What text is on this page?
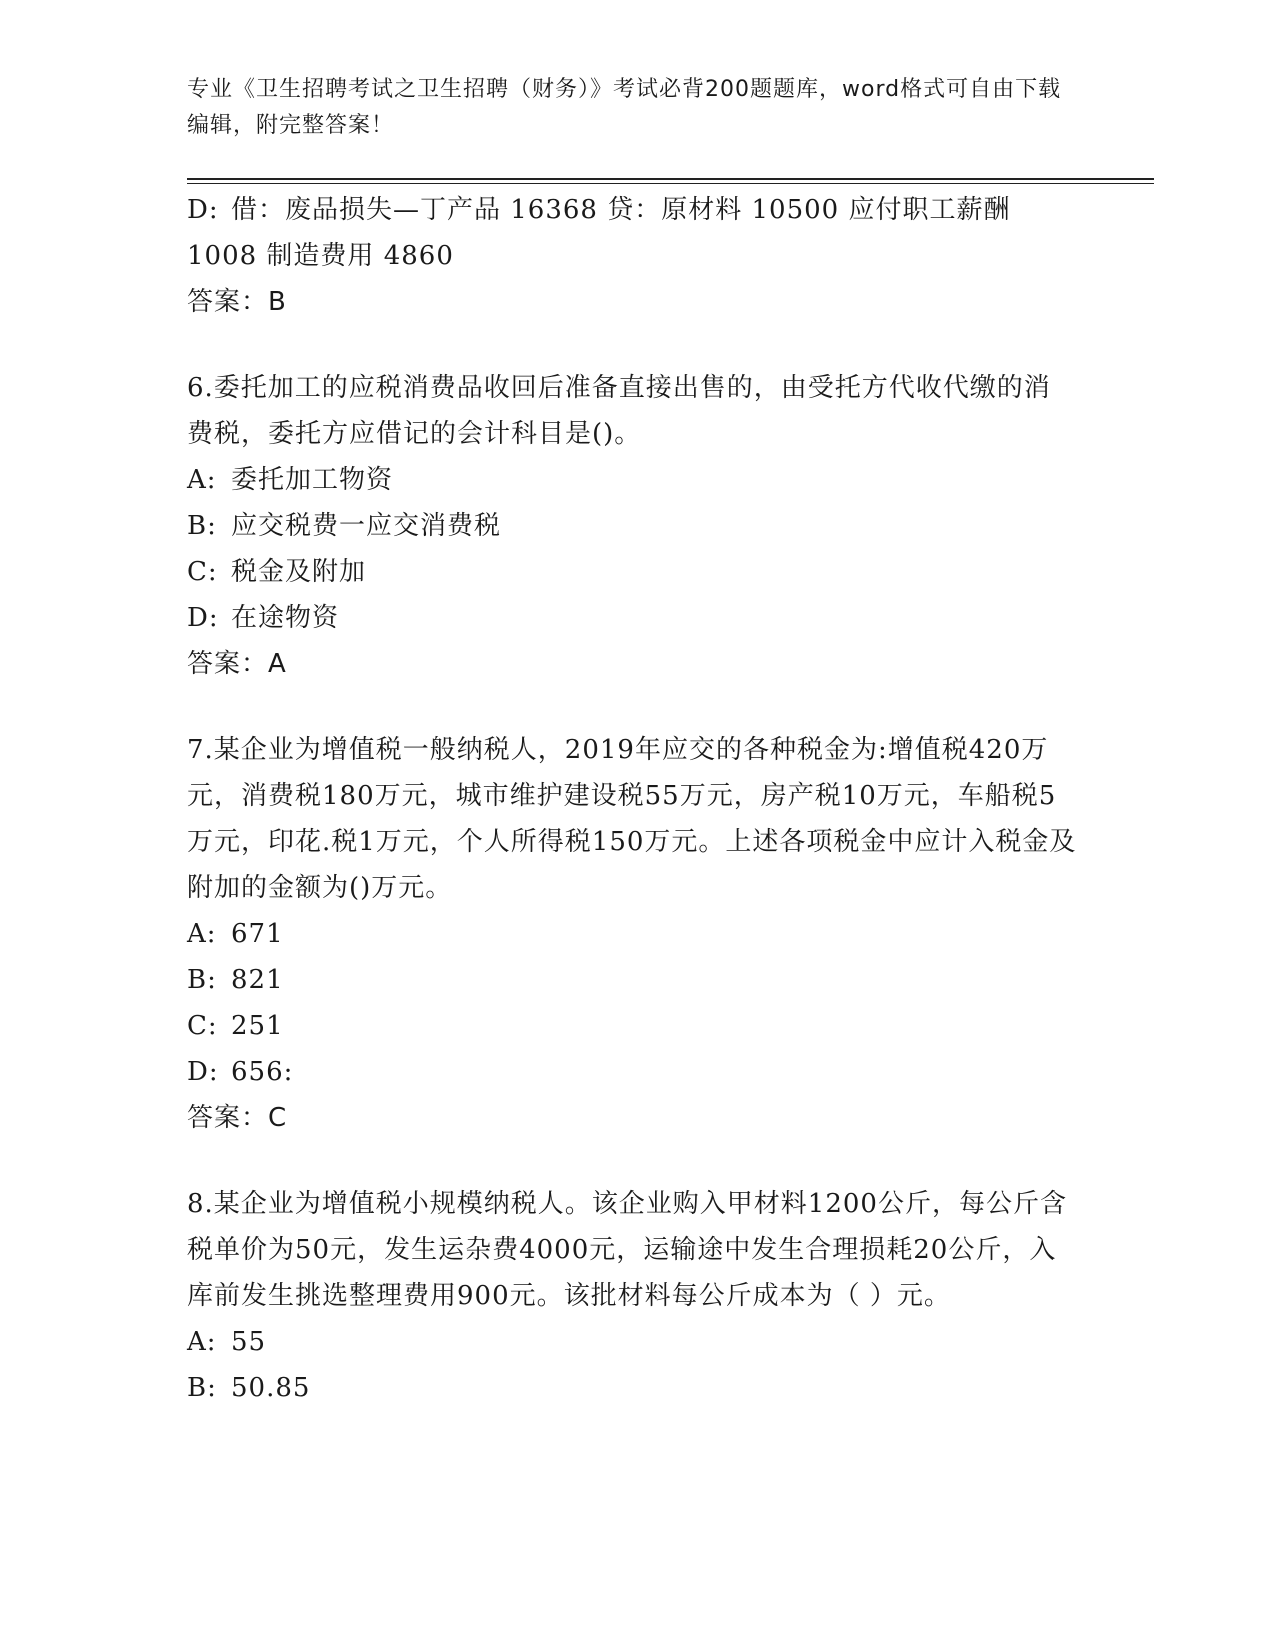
专业《卫生招聘考试之卫生招聘（财务）》考试必背200题题库，word格式可自由下载编辑，附完整答案！
D: 借：废品损失—丁产品 16368 贷：原材料 10500 应付职工薪酬 1008 制造费用 4860
答案：B
6.委托加工的应税消费品收回后准备直接出售的，由受托方代收代缴的消费税，委托方应借记的会计科目是()。
A: 委托加工物资
B: 应交税费一应交消费税
C: 税金及附加
D: 在途物资
答案：A
7.某企业为增值税一般纳税人，2019年应交的各种税金为:增值税420万元，消费税180万元，城市维护建设税55万元，房产税10万元，车船税5万元，印花.税1万元，个人所得税150万元。上述各项税金中应计入税金及附加的金额为()万元。
A: 671
B: 821
C: 251
D: 656:
答案：C
8.某企业为增值税小规模纳税人。该企业购入甲材料1200公斤，每公斤含税单价为50元，发生运杂费4000元，运输途中发生合理损耗20公斤，入库前发生挑选整理费用900元。该批材料每公斤成本为（ ）元。
A: 55
B: 50.85
